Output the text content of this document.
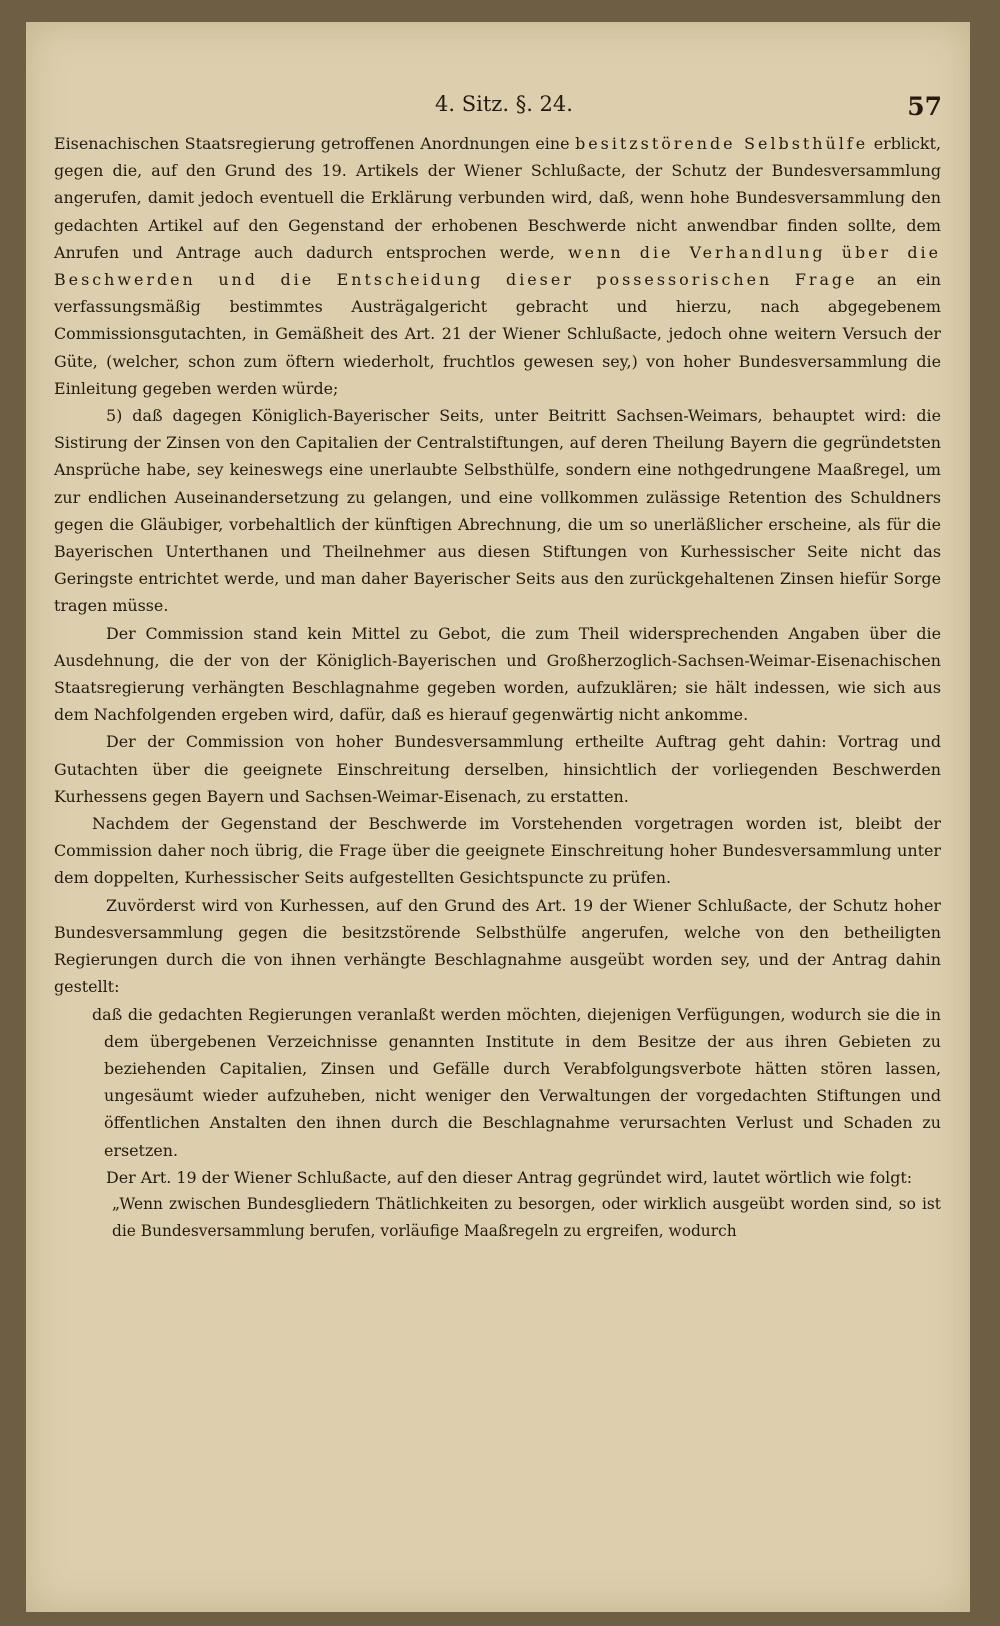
4. Sitz. §. 24.	57

Eisenachischen Staatsregierung getroffenen Anordnungen eine besitzstörende Selbsthülfe erblickt, gegen die, auf den Grund des 19. Artikels der Wiener Schlußacte, der Schutz der Bundesversammlung angerufen, damit jedoch eventuell die Erklärung verbunden wird, daß, wenn hohe Bundesversammlung den gedachten Artikel auf den Gegenstand der erhobenen Beschwerde nicht anwendbar finden sollte, dem Anrufen und Antrage auch dadurch entsprochen werde, wenn die Verhandlung über die Beschwerden und die Entscheidung dieser possessorischen Frage an ein verfassungsmäßig bestimmtes Austrägalgericht gebracht und hierzu, nach abgegebenem Commissionsgutachten, in Gemäßheit des Art. 21 der Wiener Schlußacte, jedoch ohne weitern Versuch der Güte, (welcher, schon zum öftern wiederholt, fruchtlos gewesen sey,) von hoher Bundesversammlung die Einleitung gegeben werden würde;

5) daß dagegen Königlich-Bayerischer Seits, unter Beitritt Sachsen-Weimars, behauptet wird: die Sistirung der Zinsen von den Capitalien der Centralstiftungen, auf deren Theilung Bayern die gegründetsten Ansprüche habe, sey keineswegs eine unerlaubte Selbsthülfe, sondern eine nothgedrungene Maaßregel, um zur endlichen Auseinandersetzung zu gelangen, und eine vollkommen zulässige Retention des Schuldners gegen die Gläubiger, vorbehaltlich der künftigen Abrechnung, die um so unerläßlicher erscheine, als für die Bayerischen Unterthanen und Theilnehmer aus diesen Stiftungen von Kurhessischer Seite nicht das Geringste entrichtet werde, und man daher Bayerischer Seits aus den zurückgehaltenen Zinsen hiefür Sorge tragen müsse.

Der Commission stand kein Mittel zu Gebot, die zum Theil widersprechenden Angaben über die Ausdehnung, die der von der Königlich-Bayerischen und Großherzoglich-Sachsen-Weimar-Eisenachischen Staatsregierung verhängten Beschlagnahme gegeben worden, aufzuklären; sie hält indessen, wie sich aus dem Nachfolgenden ergeben wird, dafür, daß es hierauf gegenwärtig nicht ankomme.

Der der Commission von hoher Bundesversammlung ertheilte Auftrag geht dahin: Vortrag und Gutachten über die geeignete Einschreitung derselben, hinsichtlich der vorliegenden Beschwerden Kurhessens gegen Bayern und Sachsen-Weimar-Eisenach, zu erstatten.

Nachdem der Gegenstand der Beschwerde im Vorstehenden vorgetragen worden ist, bleibt der Commission daher noch übrig, die Frage über die geeignete Einschreitung hoher Bundesversammlung unter dem doppelten, Kurhessischer Seits aufgestellten Gesichtspuncte zu prüfen.

Zuvörderst wird von Kurhessen, auf den Grund des Art. 19 der Wiener Schlußacte, der Schutz hoher Bundesversammlung gegen die besitzstörende Selbsthülfe angerufen, welche von den betheiligten Regierungen durch die von ihnen verhängte Beschlagnahme ausgeübt worden sey, und der Antrag dahin gestellt:

daß die gedachten Regierungen veranlaßt werden möchten, diejenigen Verfügungen, wodurch sie die in dem übergebenen Verzeichnisse genannten Institute in dem Besitze der aus ihren Gebieten zu beziehenden Capitalien, Zinsen und Gefälle durch Verabfolgungsverbote hätten stören lassen, ungesäumt wieder aufzuheben, nicht weniger den Verwaltungen der vorgedachten Stiftungen und öffentlichen Anstalten den ihnen durch die Beschlagnahme verursachten Verlust und Schaden zu ersetzen.

Der Art. 19 der Wiener Schlußacte, auf den dieser Antrag gegründet wird, lautet wörtlich wie folgt:

„Wenn zwischen Bundesgliedern Thätlichkeiten zu besorgen, oder wirklich ausgeübt worden sind, so ist die Bundesversammlung berufen, vorläufige Maaßregeln zu ergreifen, wodurch
